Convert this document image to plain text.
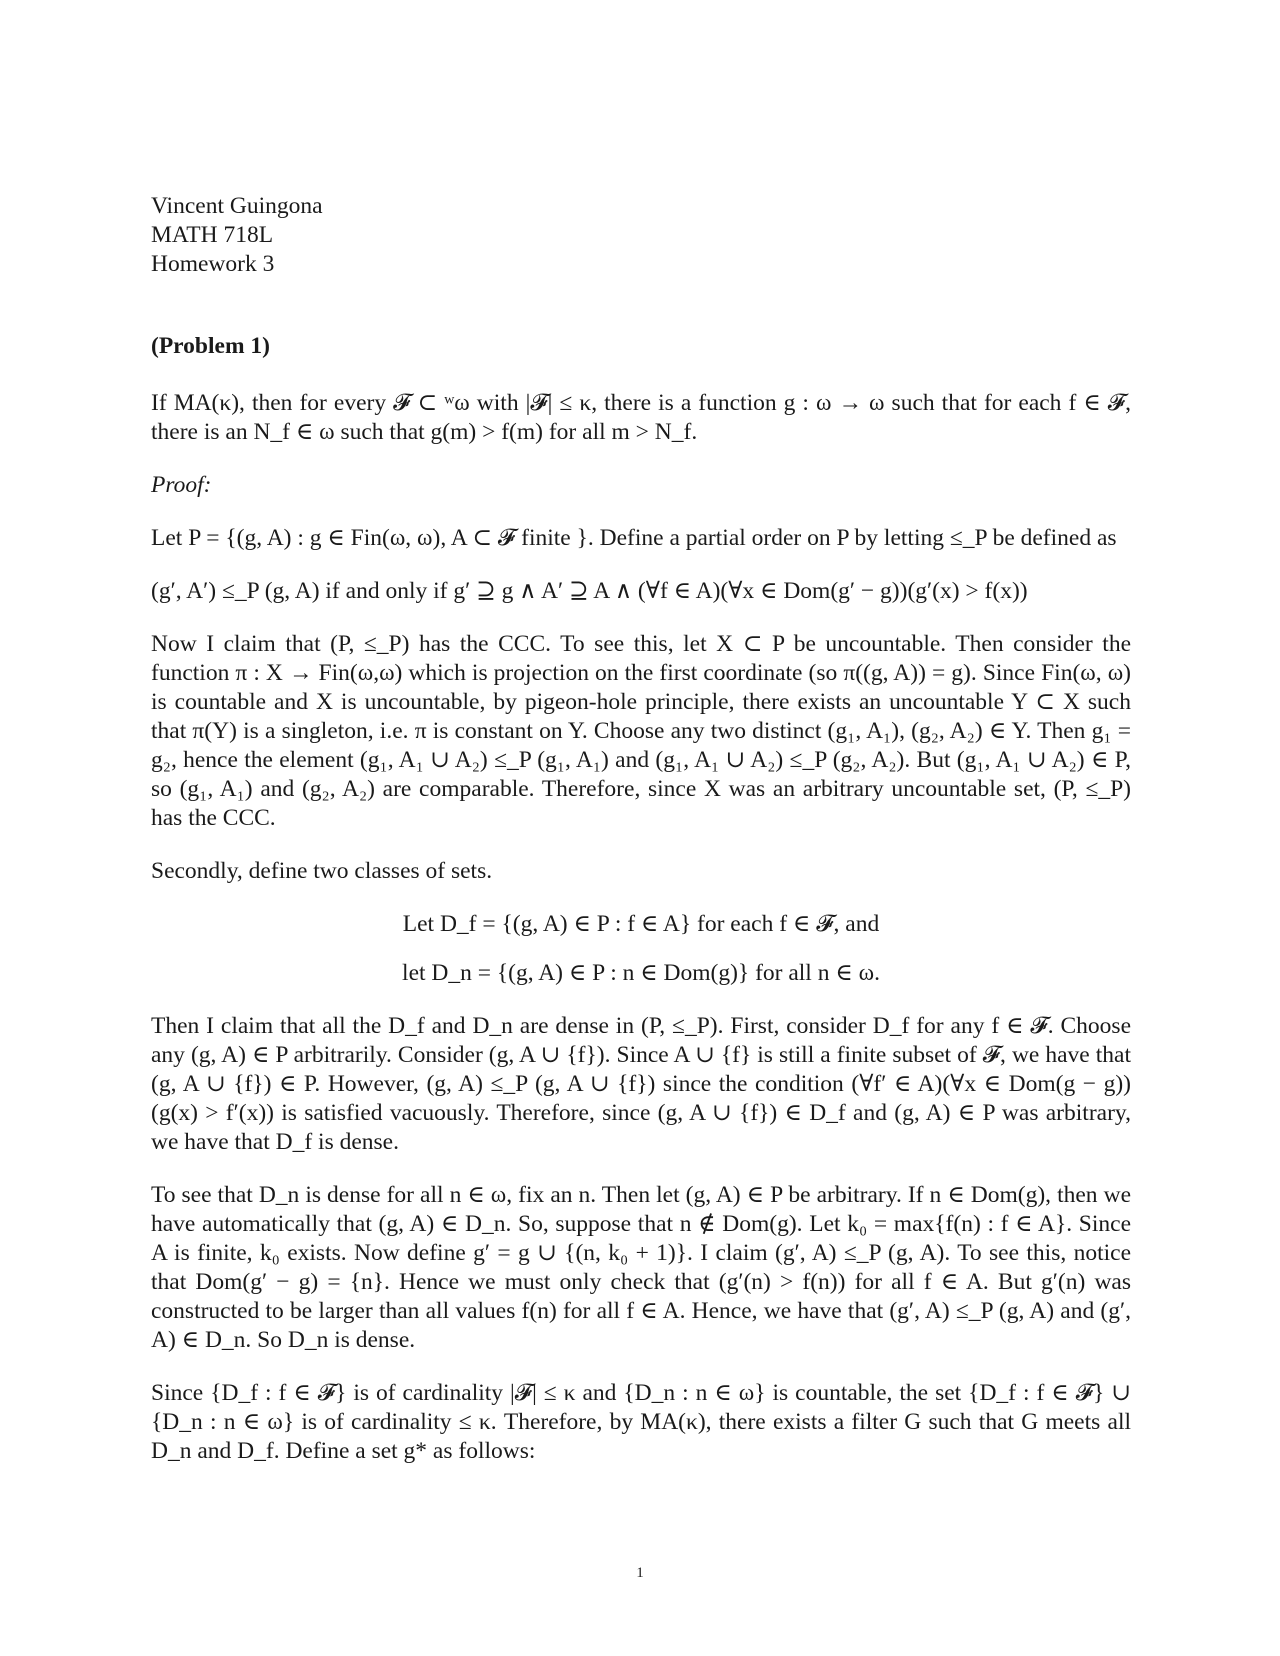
Vincent Guingona
MATH 718L
Homework 3
(Problem 1)

If MA(κ), then for every 𝓕 ⊂ ʷω with |𝓕| ≤ κ, there is a function g : ω → ω such that for each f ∈ 𝓕, there is an N_f ∈ ω such that g(m) > f(m) for all m > N_f.

Proof:

Let P = {(g, A) : g ∈ Fin(ω, ω), A ⊂ 𝓕 finite }. Define a partial order on P by letting ≤_P be defined as

(g′, A′) ≤_P (g, A) if and only if g′ ⊇ g ∧ A′ ⊇ A ∧ (∀f ∈ A)(∀x ∈ Dom(g′ − g))(g′(x) > f(x))

Now I claim that (P, ≤_P) has the CCC. To see this, let X ⊂ P be uncountable. Then consider the function π : X → Fin(ω,ω) which is projection on the first coordinate (so π((g, A)) = g). Since Fin(ω, ω) is countable and X is uncountable, by pigeon-hole principle, there exists an uncountable Y ⊂ X such that π(Y) is a singleton, i.e. π is constant on Y. Choose any two distinct (g₁, A₁), (g₂, A₂) ∈ Y. Then g₁ = g₂, hence the element (g₁, A₁ ∪ A₂) ≤_P (g₁, A₁) and (g₁, A₁ ∪ A₂) ≤_P (g₂, A₂). But (g₁, A₁ ∪ A₂) ∈ P, so (g₁, A₁) and (g₂, A₂) are comparable. Therefore, since X was an arbitrary uncountable set, (P, ≤_P) has the CCC.

Secondly, define two classes of sets.

Let D_f = {(g, A) ∈ P : f ∈ A} for each f ∈ 𝓕, and
let D_n = {(g, A) ∈ P : n ∈ Dom(g)} for all n ∈ ω.

Then I claim that all the D_f and D_n are dense in (P, ≤_P). First, consider D_f for any f ∈ 𝓕. Choose any (g, A) ∈ P arbitrarily. Consider (g, A ∪ {f}). Since A ∪ {f} is still a finite subset of 𝓕, we have that (g, A ∪ {f}) ∈ P. However, (g, A) ≤_P (g, A ∪ {f}) since the condition (∀f′ ∈ A)(∀x ∈ Dom(g − g))(g(x) > f′(x)) is satisfied vacuously. Therefore, since (g, A ∪ {f}) ∈ D_f and (g, A) ∈ P was arbitrary, we have that D_f is dense.

To see that D_n is dense for all n ∈ ω, fix an n. Then let (g, A) ∈ P be arbitrary. If n ∈ Dom(g), then we have automatically that (g, A) ∈ D_n. So, suppose that n ∉ Dom(g). Let k₀ = max{f(n) : f ∈ A}. Since A is finite, k₀ exists. Now define g′ = g ∪ {(n, k₀ + 1)}. I claim (g′, A) ≤_P (g, A). To see this, notice that Dom(g′ − g) = {n}. Hence we must only check that (g′(n) > f(n)) for all f ∈ A. But g′(n) was constructed to be larger than all values f(n) for all f ∈ A. Hence, we have that (g′, A) ≤_P (g, A) and (g′, A) ∈ D_n. So D_n is dense.

Since {D_f : f ∈ 𝓕} is of cardinality |𝓕| ≤ κ and {D_n : n ∈ ω} is countable, the set {D_f : f ∈ 𝓕} ∪ {D_n : n ∈ ω} is of cardinality ≤ κ. Therefore, by MA(κ), there exists a filter G such that G meets all D_n and D_f. Define a set g* as follows:

1
